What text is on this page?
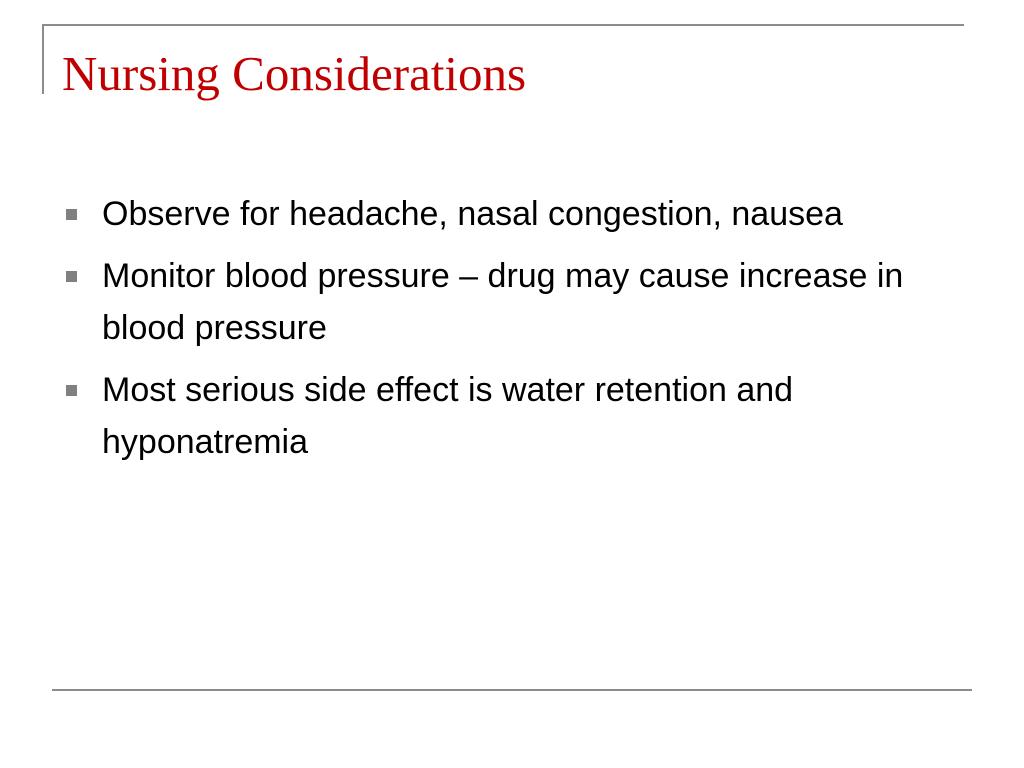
Nursing Considerations
Observe for headache, nasal congestion, nausea
Monitor blood pressure – drug may cause increase in blood pressure
Most serious side effect is water retention and hyponatremia
